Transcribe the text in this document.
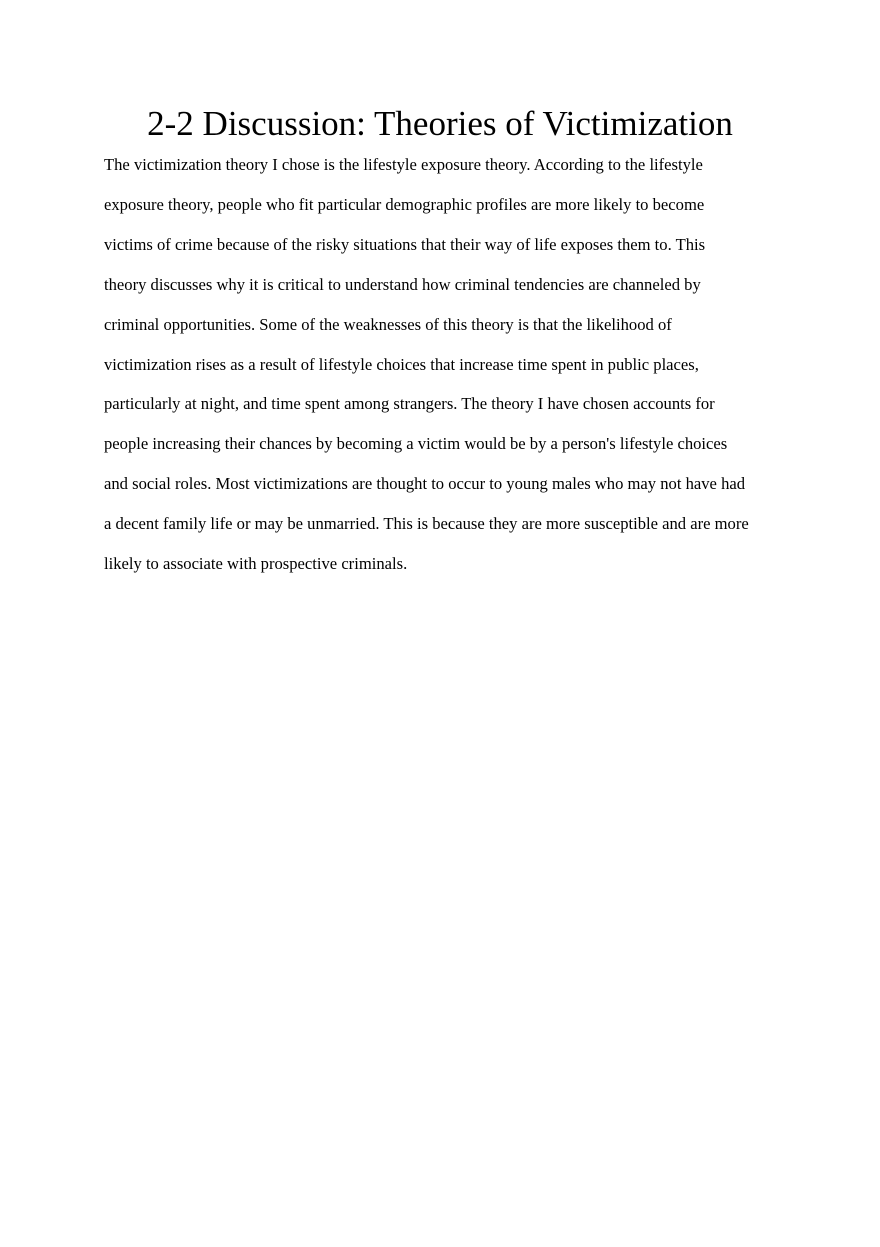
2-2 Discussion: Theories of Victimization
The victimization theory I chose is the lifestyle exposure theory. According to the lifestyle
exposure theory, people who fit particular demographic profiles are more likely to become
victims of crime because of the risky situations that their way of life exposes them to. This
theory discusses why it is critical to understand how criminal tendencies are channeled by
criminal opportunities. Some of the weaknesses of this theory is that the likelihood of
victimization rises as a result of lifestyle choices that increase time spent in public places,
particularly at night, and time spent among strangers. The theory I have chosen accounts for
people increasing their chances by becoming a victim would be by a person's lifestyle choices
and social roles. Most victimizations are thought to occur to young males who may not have had
a decent family life or may be unmarried. This is because they are more susceptible and are more
likely to associate with prospective criminals.
